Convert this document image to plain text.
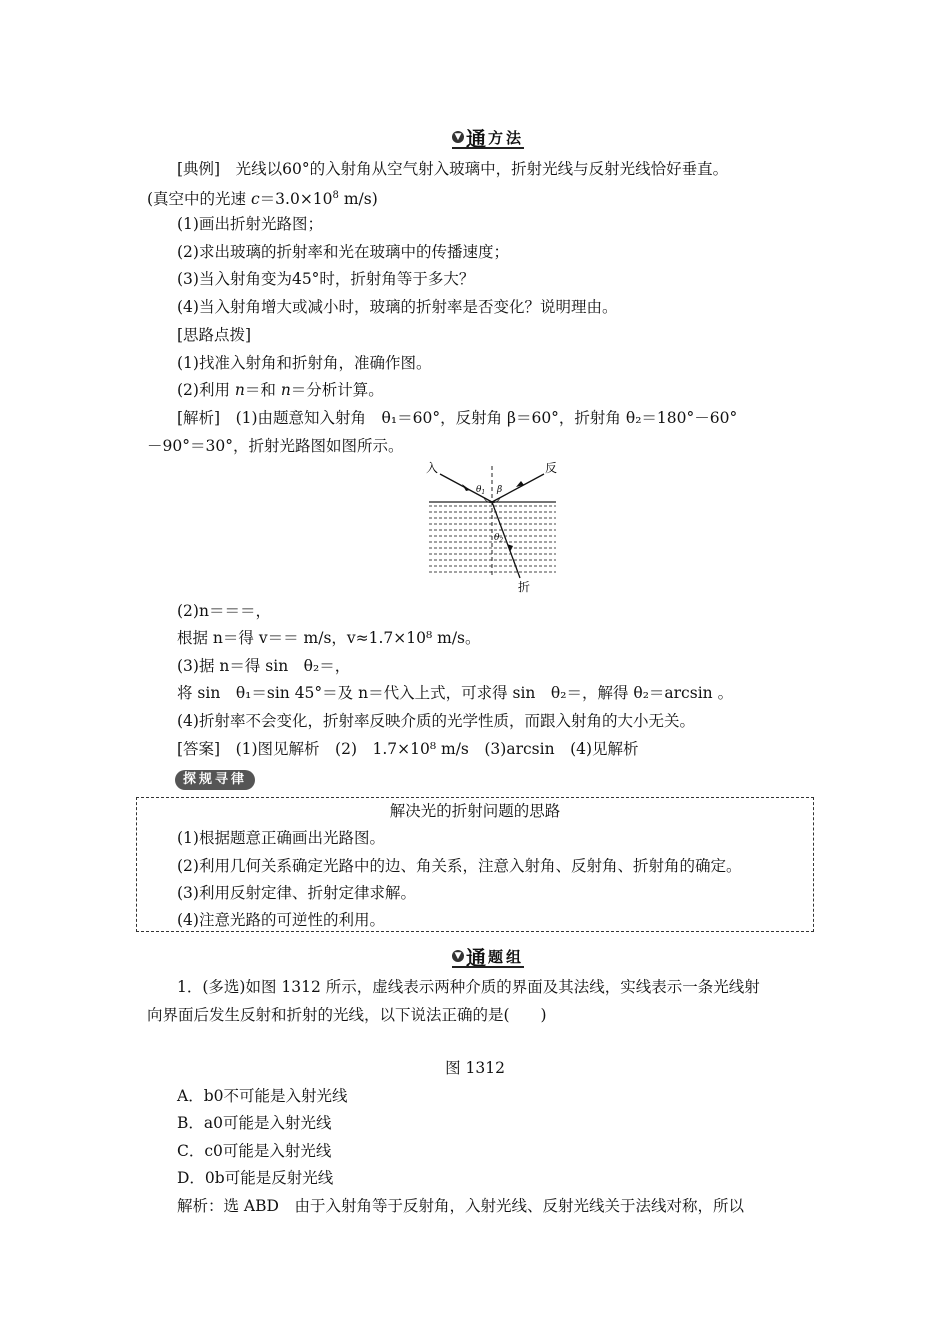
▼ 通 方法
[典例]　光线以60°的入射角从空气射入玻璃中，折射光线与反射光线恰好垂直。
(真空中的光速 $c=3.0\times 10^8$ m/s)
(1)画出折射光路图；
(2)求出玻璃的折射率和光在玻璃中的传播速度；
(3)当入射角变为45°时，折射角等于多大？
(4)当入射角增大或减小时，玻璃的折射率是否变化？说明理由。
[思路点拨]
(1)找准入射角和折射角，准确作图。
(2)利用 n＝和 n＝分析计算。
[解析]　(1)由题意知入射角　θ₁＝60°，反射角 β＝60°，折射角 θ₂＝180°－60°
－90°＝30°，折射光路图如图所示。
入	反
折
$\theta_1$ β
$\theta_2$
(2)n＝＝＝，
根据 n＝得 v＝＝ m/s，v≈1.7×10⁸ m/s。
(3)据 n＝得 sin　θ₂＝，
将 sin　θ₁＝sin 45°＝及 n＝代入上式，可求得 sin　θ₂＝，解得 θ₂＝arcsin 。
(4)折射率不会变化，折射率反映介质的光学性质，而跟入射角的大小无关。
[答案]　(1)图见解析　(2)　1.7×10⁸ m/s　(3)arcsin　(4)见解析
探规寻律
解决光的折射问题的思路
(1)根据题意正确画出光路图。
(2)利用几何关系确定光路中的边、角关系，注意入射角、反射角、折射角的确定。
(3)利用反射定律、折射定律求解。
(4)注意光路的可逆性的利用。
▼ 通 题组
1．(多选)如图 1312 所示，虚线表示两种介质的界面及其法线，实线表示一条光线射
向界面后发生反射和折射的光线，以下说法正确的是(　　)
图 1312
A．b0不可能是入射光线
B．a0可能是入射光线
C．c0可能是入射光线
D．0b可能是反射光线
解析：选 ABD　由于入射角等于反射角，入射光线、反射光线关于法线对称，所以
